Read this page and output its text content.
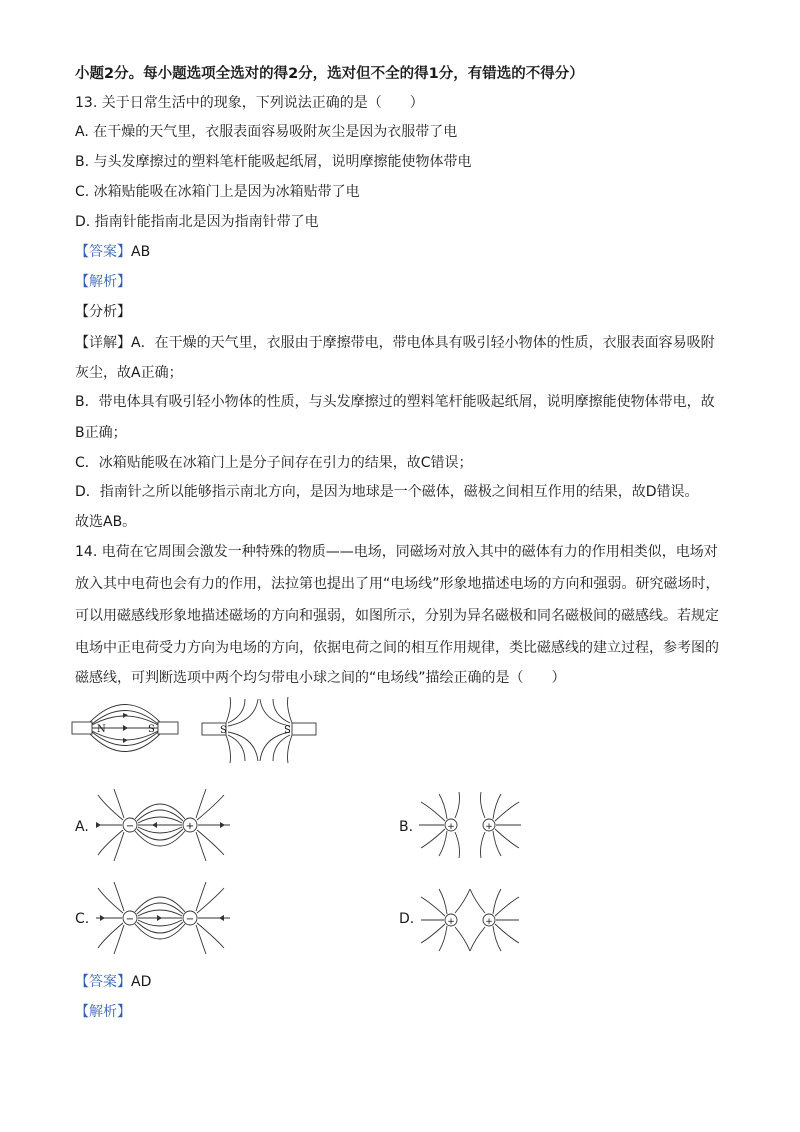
小题2分。每小题选项全选对的得2分，选对但不全的得1分，有错选的不得分）
13. 关于日常生活中的现象，下列说法正确的是（　　）
A. 在干燥的天气里，衣服表面容易吸附灰尘是因为衣服带了电
B. 与头发摩擦过的塑料笔杆能吸起纸屑，说明摩擦能使物体带电
C. 冰箱贴能吸在冰箱门上是因为冰箱贴带了电
D. 指南针能指南北是因为指南针带了电
【答案】AB
【解析】
【分析】
【详解】A．在干燥的天气里，衣服由于摩擦带电，带电体具有吸引轻小物体的性质，衣服表面容易吸附
灰尘，故A正确；
B．带电体具有吸引轻小物体的性质，与头发摩擦过的塑料笔杆能吸起纸屑，说明摩擦能使物体带电，故
B正确；
C．冰箱贴能吸在冰箱门上是分子间存在引力的结果，故C错误；
D．指南针之所以能够指示南北方向，是因为地球是一个磁体，磁极之间相互作用的结果，故D错误。
故选AB。
14. 电荷在它周围会激发一种特殊的物质——电场，同磁场对放入其中的磁体有力的作用相类似，电场对
放入其中电荷也会有力的作用，法拉第也提出了用“电场线”形象地描述电场的方向和强弱。研究磁场时，
可以用磁感线形象地描述磁场的方向和强弱，如图所示，分别为异名磁极和同名磁极间的磁感线。若规定
电场中正电荷受力方向为电场的方向，依据电荷之间的相互作用规律，类比磁感线的建立过程，参考图的
磁感线，可判断选项中两个均匀带电小球之间的“电场线”描绘正确的是（　　）
N	S	S	S
A.	−	+	B.	+	+
C.	−	−	D.	+	+
【答案】AD
【解析】
